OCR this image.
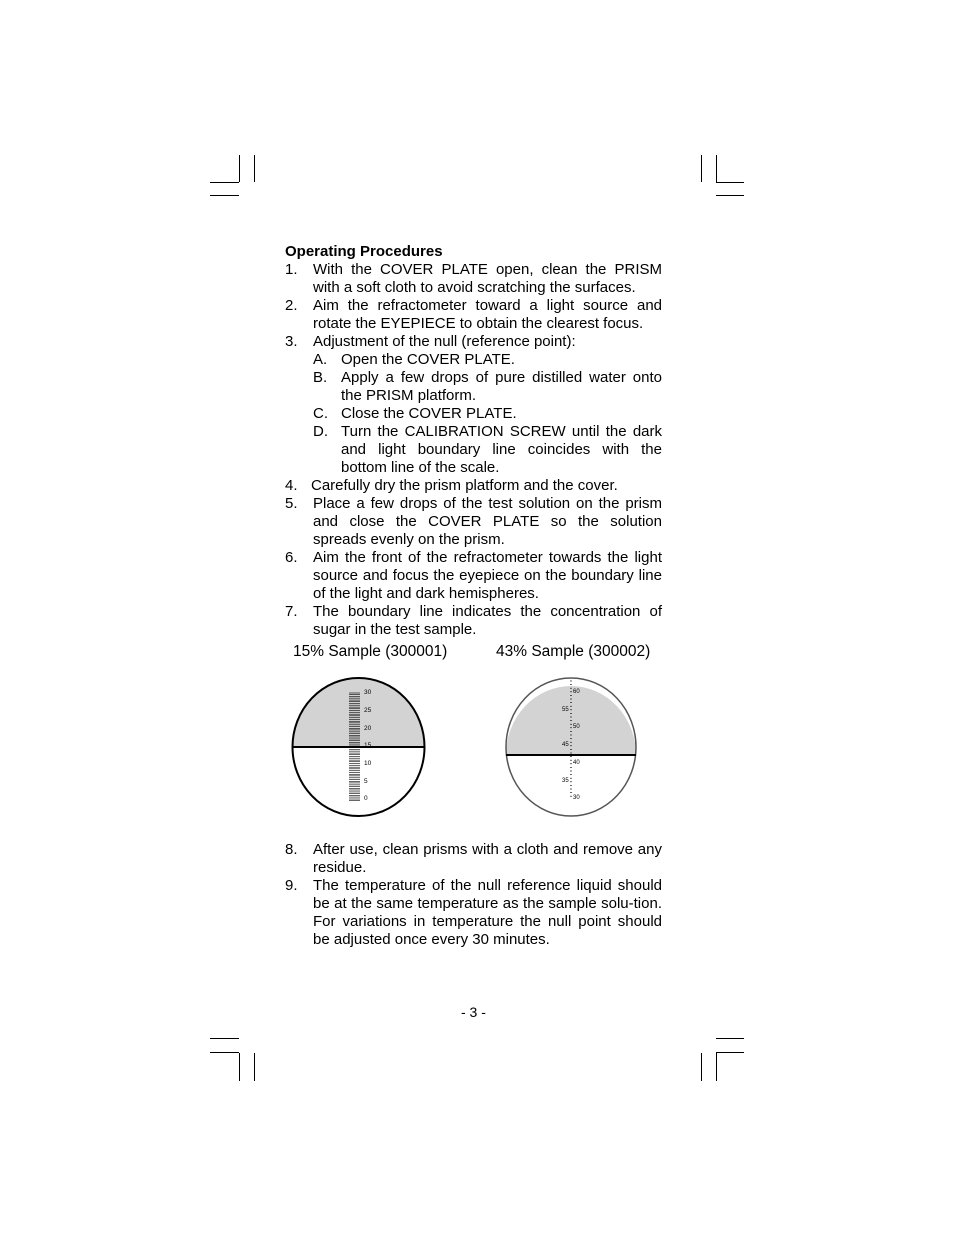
Operating Procedures

1. With the COVER PLATE open, clean the PRISM with a soft cloth to avoid scratching the surfaces.
2. Aim the refractometer toward a light source and rotate the EYEPIECE to obtain the clearest focus.
3. Adjustment of the null (reference point):
A. Open the COVER PLATE.
B. Apply a few drops of pure distilled water onto the PRISM platform.
C. Close the COVER PLATE.
D. Turn the CALIBRATION SCREW until the dark and light boundary line coincides with the bottom line of the scale.
4. Carefully dry the prism platform and the cover.
5. Place a few drops of the test solution on the prism and close the COVER PLATE so the solution spreads evenly on the prism.
6. Aim the front of the refractometer towards the light source and focus the eyepiece on the boundary line of the light and dark hemispheres.
7. The boundary line indicates the concentration of sugar in the test sample.
15% Sample (300001)	43% Sample (300002)
30
25
20
15
10
5
0
60
50
40
30
55
45
35
8. After use, clean prisms with a cloth and remove any residue.
9. The temperature of the null reference liquid should be at the same temperature as the sample solu-tion. For variations in temperature the null point should be adjusted once every 30 minutes.
- 3 -
